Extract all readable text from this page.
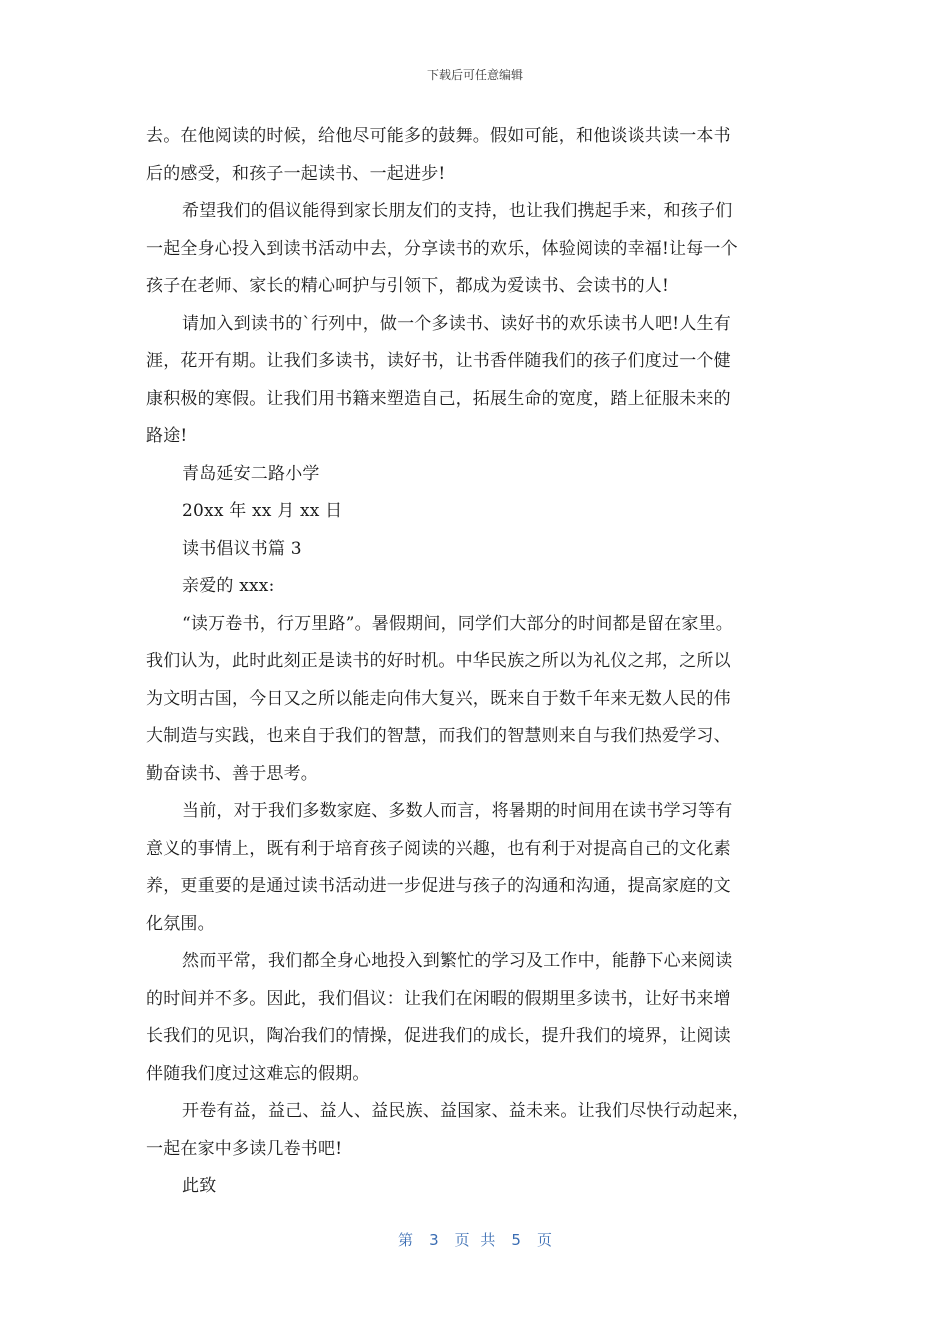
下载后可任意编辑
去。在他阅读的时候，给他尽可能多的鼓舞。假如可能，和他谈谈共读一本书
后的感受，和孩子一起读书、一起进步!
希望我们的倡议能得到家长朋友们的支持，也让我们携起手来，和孩子们
一起全身心投入到读书活动中去，分享读书的欢乐，体验阅读的幸福!让每一个
孩子在老师、家长的精心呵护与引领下，都成为爱读书、会读书的人!
请加入到读书的`行列中，做一个多读书、读好书的欢乐读书人吧!人生有
涯，花开有期。让我们多读书，读好书，让书香伴随我们的孩子们度过一个健
康积极的寒假。让我们用书籍来塑造自己，拓展生命的宽度，踏上征服未来的
路途!
青岛延安二路小学
20xx 年 xx 月 xx 日
读书倡议书篇 3
亲爱的 xxx:
“读万卷书，行万里路”。暑假期间，同学们大部分的时间都是留在家里。
我们认为，此时此刻正是读书的好时机。中华民族之所以为礼仪之邦，之所以
为文明古国，今日又之所以能走向伟大复兴，既来自于数千年来无数人民的伟
大制造与实践，也来自于我们的智慧，而我们的智慧则来自与我们热爱学习、
勤奋读书、善于思考。
当前，对于我们多数家庭、多数人而言，将暑期的时间用在读书学习等有
意义的事情上，既有利于培育孩子阅读的兴趣，也有利于对提高自己的文化素
养，更重要的是通过读书活动进一步促进与孩子的沟通和沟通，提高家庭的文
化氛围。
然而平常，我们都全身心地投入到繁忙的学习及工作中，能静下心来阅读
的时间并不多。因此，我们倡议：让我们在闲暇的假期里多读书，让好书来增
长我们的见识，陶冶我们的情操，促进我们的成长，提升我们的境界，让阅读
伴随我们度过这难忘的假期。
开卷有益，益己、益人、益民族、益国家、益未来。让我们尽快行动起来，
一起在家中多读几卷书吧!
此致
第 3 页 共 5 页
